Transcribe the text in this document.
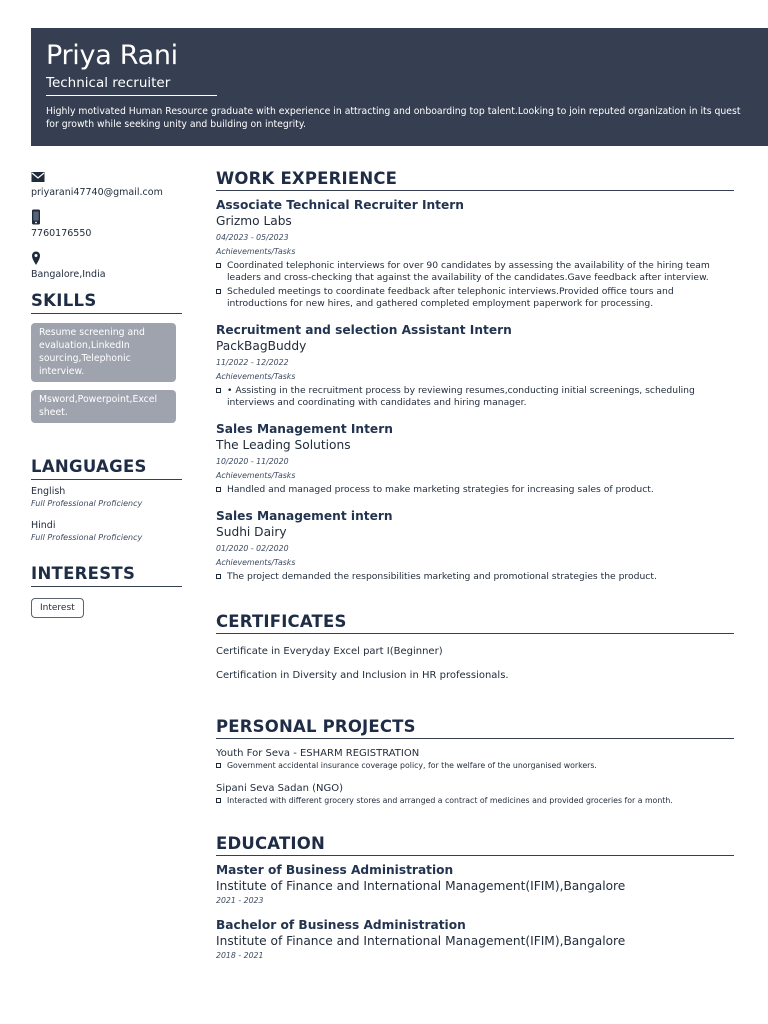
Priya Rani
Technical recruiter
Highly motivated Human Resource graduate with experience in attracting and onboarding top talent.Looking to join reputed organization in its quest for growth while seeking unity and building on integrity.
priyarani47740@gmail.com
7760176550
Bangalore,India
SKILLS
Resume screening and evaluation,LinkedIn sourcing,Telephonic interview.
Msword,Powerpoint,Excel sheet.
LANGUAGES
English
Full Professional Proficiency
Hindi
Full Professional Proficiency
INTERESTS
Interest
WORK EXPERIENCE
Associate Technical Recruiter Intern
Grizmo Labs
04/2023 - 05/2023
Achievements/Tasks
Coordinated telephonic interviews for over 90 candidates by assessing the availability of the hiring team leaders and cross-checking that against the availability of the candidates.Gave feedback after interview.
Scheduled meetings to coordinate feedback after telephonic interviews.Provided office tours and introductions for new hires, and gathered completed employment paperwork for processing.
Recruitment and selection Assistant Intern
PackBagBuddy
11/2022 - 12/2022
Achievements/Tasks
• Assisting in the recruitment process by reviewing resumes,conducting initial screenings, scheduling interviews and coordinating with candidates and hiring manager.
Sales Management Intern
The Leading Solutions
10/2020 - 11/2020
Achievements/Tasks
Handled and managed process to make marketing strategies for increasing sales of product.
Sales Management intern
Sudhi Dairy
01/2020 - 02/2020
Achievements/Tasks
The project demanded the responsibilities marketing and promotional strategies the product.
CERTIFICATES
Certificate in Everyday Excel part I(Beginner)
Certification in Diversity and Inclusion in HR professionals.
PERSONAL PROJECTS
Youth For Seva - ESHARM REGISTRATION
Government accidental insurance coverage policy, for the welfare of the unorganised workers.
Sipani Seva Sadan (NGO)
Interacted with different grocery stores and arranged a contract of medicines and provided groceries for a month.
EDUCATION
Master of Business Administration
Institute of Finance and International Management(IFIM),Bangalore
2021 - 2023
Bachelor of Business Administration
Institute of Finance and International Management(IFIM),Bangalore
2018 - 2021
